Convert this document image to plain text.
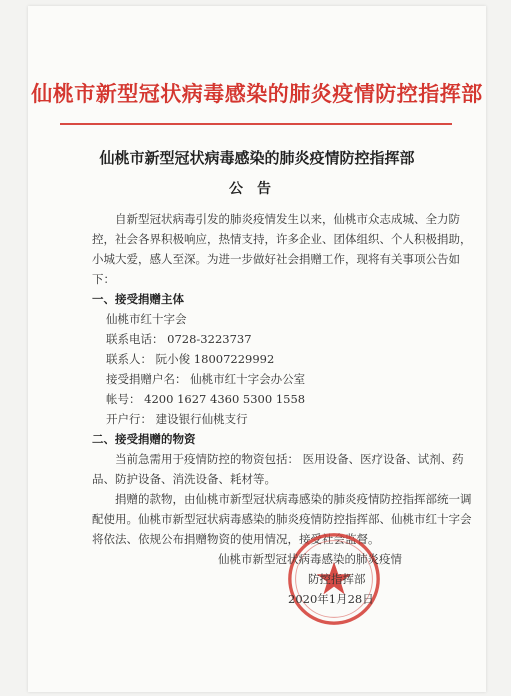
仙桃市新型冠状病毒感染的肺炎疫情防控指挥部
仙桃市新型冠状病毒感染的肺炎疫情防控指挥部
公告

自新型冠状病毒引发的肺炎疫情发生以来，仙桃市众志成城、全力防控，社会各界积极响应，热情支持，许多企业、团体组织、个人积极捐助，小城大爱，感人至深。为进一步做好社会捐赠工作，现将有关事项公告如下：

一、接受捐赠主体

仙桃市红十字会

联系电话： 0728-3223737

联系人： 阮小俊 18007229992

接受捐赠户名： 仙桃市红十字会办公室

帐号： 4200 1627 4360 5300 1558

开户行： 建设银行仙桃支行

二、接受捐赠的物资

当前急需用于疫情防控的物资包括： 医用设备、医疗设备、试剂、药品、防护设备、消洗设备、耗材等。

捐赠的款物，由仙桃市新型冠状病毒感染的肺炎疫情防控指挥部统一调配使用。仙桃市新型冠状病毒感染的肺炎疫情防控指挥部、仙桃市红十字会将依法、依规公布捐赠物资的使用情况，接受社会监督。

仙桃市新型冠状病毒感染的肺炎疫情
防控指挥部
2020年1月28日
